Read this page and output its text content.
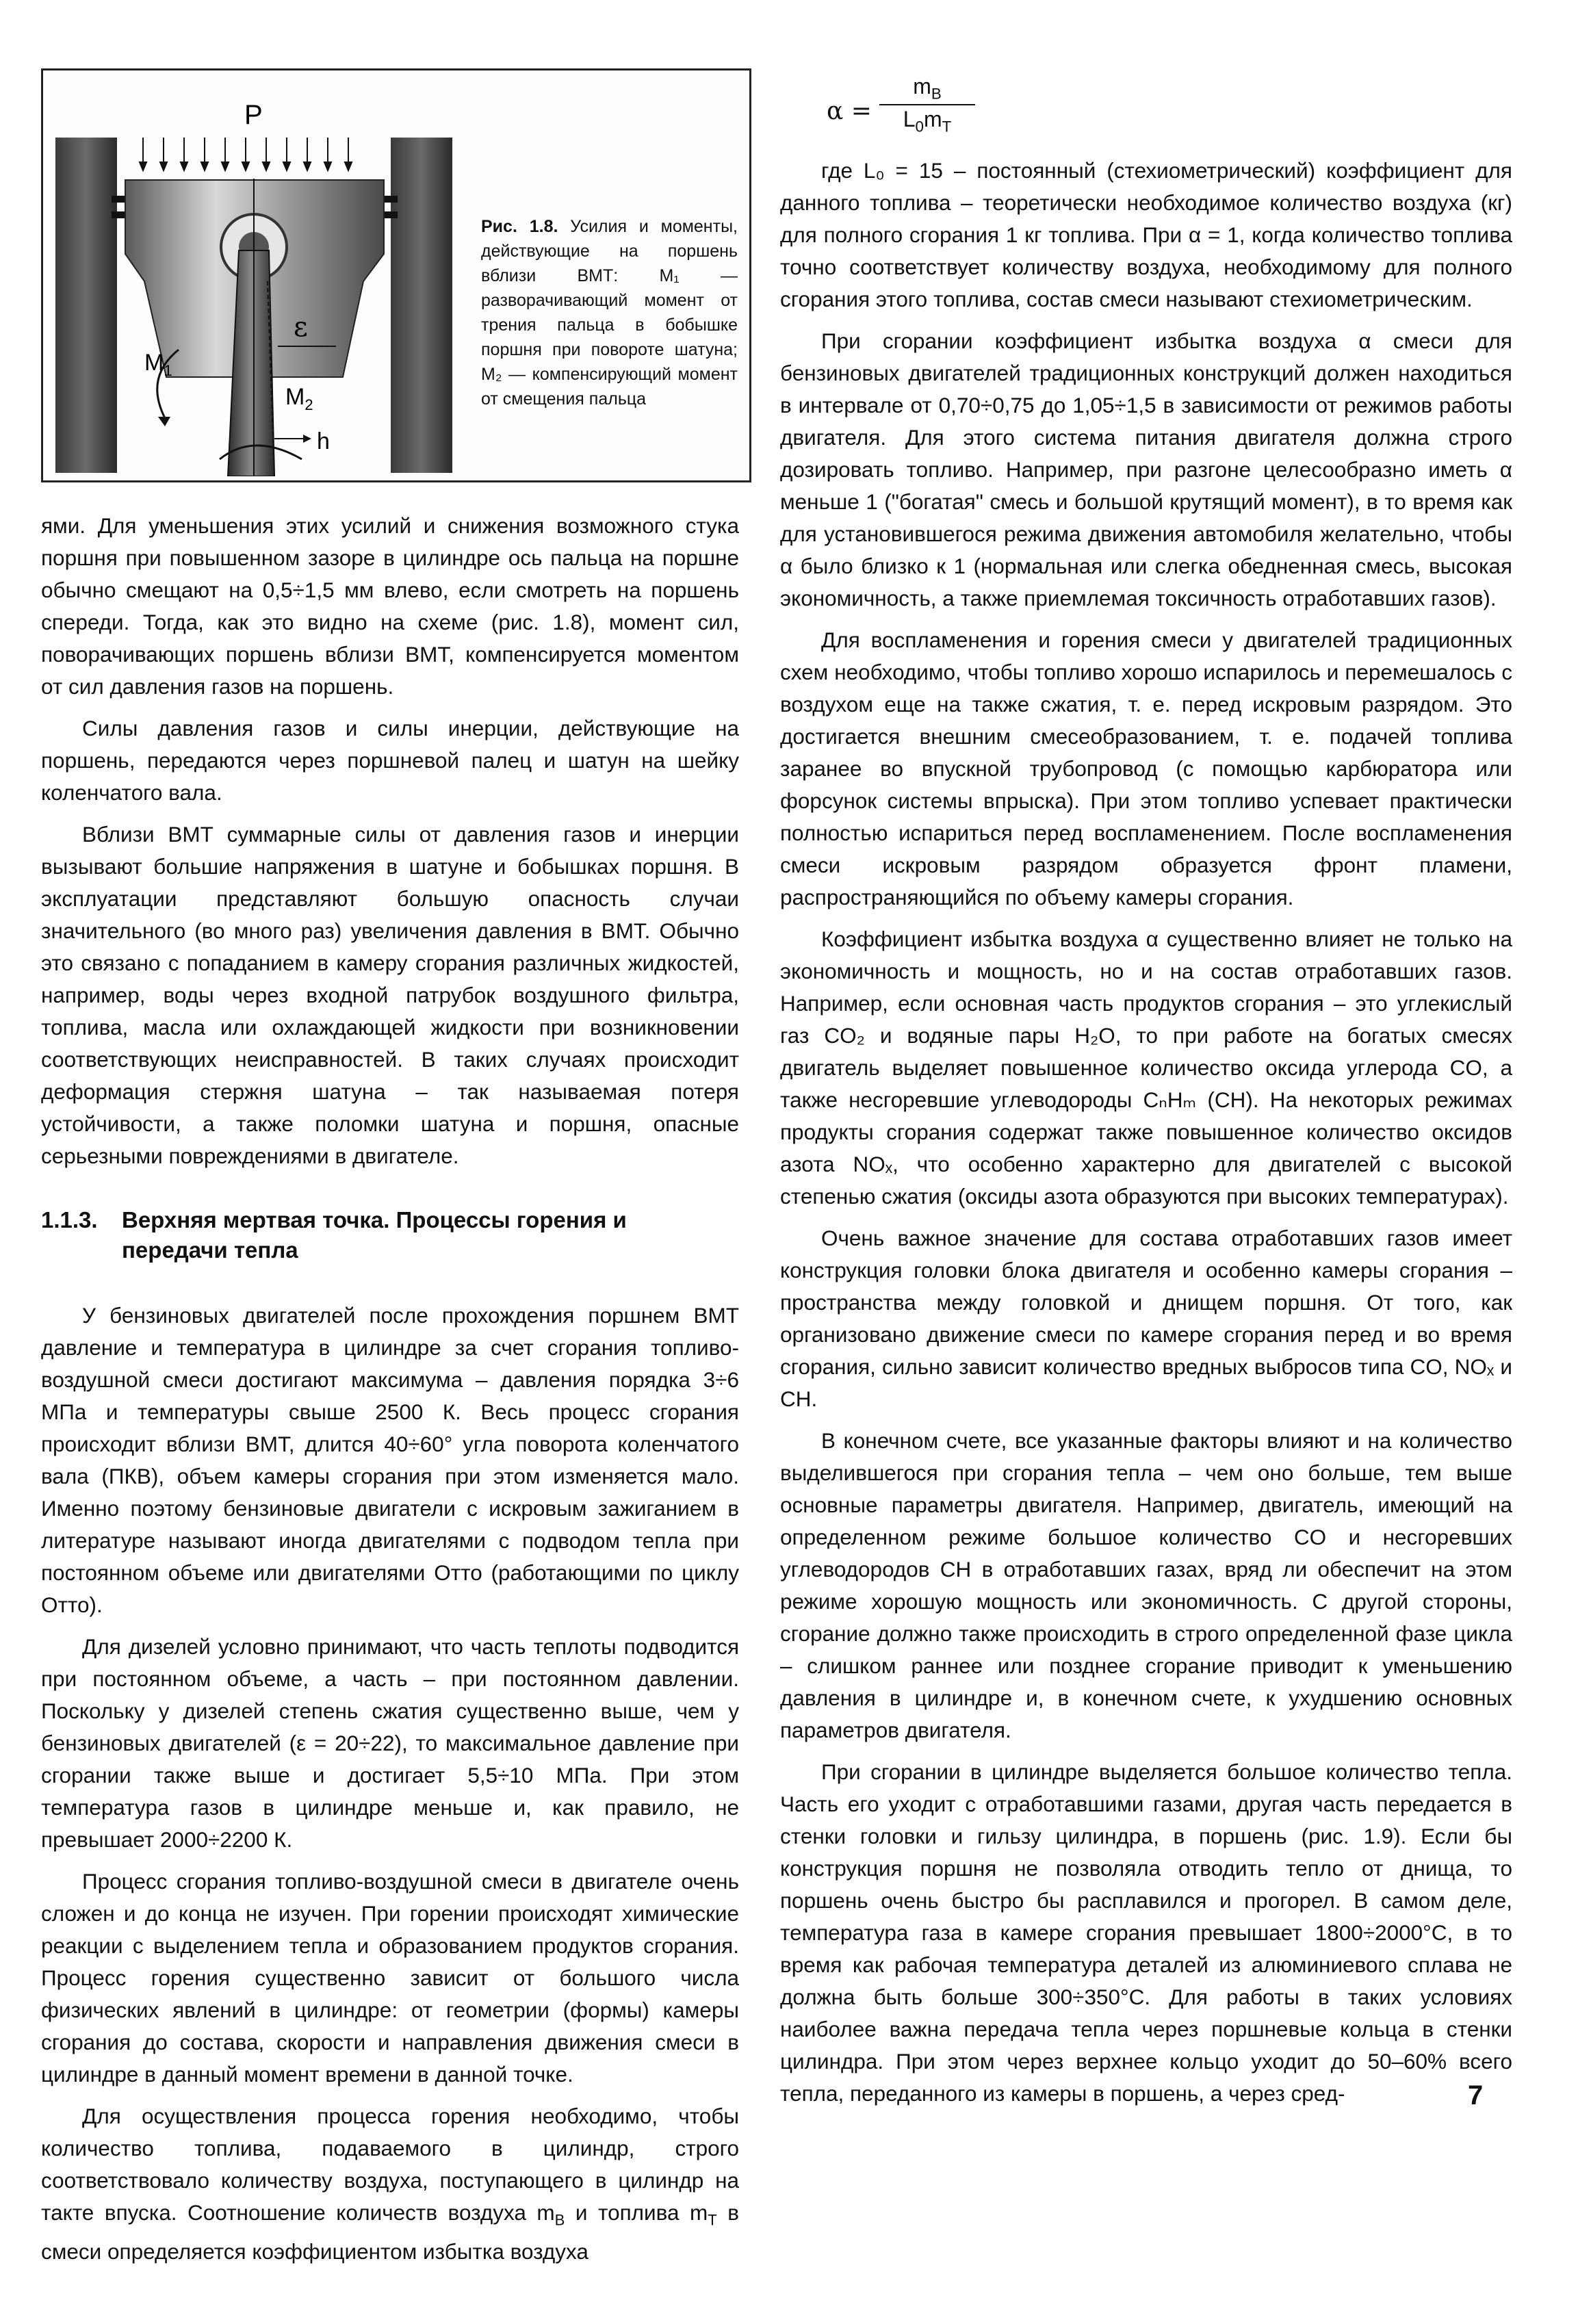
P
ε
$M_1$
$M_2$
h
Рис. 1.8. Усилия и моменты, действующие на поршень вблизи ВМТ: M₁ — разворачивающий момент от трения пальца в бобышке поршня при повороте шатуна; M₂ — компенсирующий момент от смещения пальца

ями. Для уменьшения этих усилий и снижения возможного стука поршня при повышенном зазоре в цилиндре ось пальца на поршне обычно смещают на 0,5÷1,5 мм влево, если смотреть на поршень спереди. Тогда, как это видно на схеме (рис. 1.8), момент сил, поворачивающих поршень вблизи ВМТ, компенсируется моментом от сил давления газов на поршень.

Силы давления газов и силы инерции, действующие на поршень, передаются через поршневой палец и шатун на шейку коленчатого вала.

Вблизи ВМТ суммарные силы от давления газов и инерции вызывают большие напряжения в шатуне и бобышках поршня. В эксплуатации представляют большую опасность случаи значительного (во много раз) увеличения давления в ВМТ. Обычно это связано с попаданием в камеру сгорания различных жидкостей, например, воды через входной патрубок воздушного фильтра, топлива, масла или охлаждающей жидкости при возникновении соответствующих неисправностей. В таких случаях происходит деформация стержня шатуна – так называемая потеря устойчивости, а также поломки шатуна и поршня, опасные серьезными повреждениями в двигателе.

1.1.3. Верхняя мертвая точка. Процессы горения и
передачи тепла

У бензиновых двигателей после прохождения поршнем ВМТ давление и температура в цилиндре за счет сгорания топливо-воздушной смеси достигают максимума – давления порядка 3÷6 МПа и температуры свыше 2500 К. Весь процесс сгорания происходит вблизи ВМТ, длится 40÷60° угла поворота коленчатого вала (ПКВ), объем камеры сгорания при этом изменяется мало. Именно поэтому бензиновые двигатели с искровым зажиганием в литературе называют иногда двигателями с подводом тепла при постоянном объеме или двигателями Отто (работающими по циклу Отто).

Для дизелей условно принимают, что часть теплоты подводится при постоянном объеме, а часть – при постоянном давлении. Поскольку у дизелей степень сжатия существенно выше, чем у бензиновых двигателей (ε = 20÷22), то максимальное давление при сгорании также выше и достигает 5,5÷10 МПа. При этом температура газов в цилиндре меньше и, как правило, не превышает 2000÷2200 К.

Процесс сгорания топливо-воздушной смеси в двигателе очень сложен и до конца не изучен. При горении происходят химические реакции с выделением тепла и образованием продуктов сгорания. Процесс горения существенно зависит от большого числа физических явлений в цилиндре: от геометрии (формы) камеры сгорания до состава, скорости и направления движения смеси в цилиндре в данный момент времени в данной точке.

Для осуществления процесса горения необходимо, чтобы количество топлива, подаваемого в цилиндр, строго соответствовало количеству воздуха, поступающего в цилиндр на такте впуска. Соотношение количеств воздуха $m_В$ и топлива $m_Т$ в смеси определяется коэффициентом избытка воздуха

α =
$m_В$
$L_0m_Т$

где L₀ = 15 – постоянный (стехиометрический) коэффициент для данного топлива – теоретически необходимое количество воздуха (кг) для полного сгорания 1 кг топлива. При α = 1, когда количество топлива точно соответствует количеству воздуха, необходимому для полного сгорания этого топлива, состав смеси называют стехиометрическим.

При сгорании коэффициент избытка воздуха α смеси для бензиновых двигателей традиционных конструкций должен находиться в интервале от 0,70÷0,75 до 1,05÷1,5 в зависимости от режимов работы двигателя. Для этого система питания двигателя должна строго дозировать топливо. Например, при разгоне целесообразно иметь α меньше 1 ("богатая" смесь и большой крутящий момент), в то время как для установившегося режима движения автомобиля желательно, чтобы α было близко к 1 (нормальная или слегка обедненная смесь, высокая экономичность, а также приемлемая токсичность отработавших газов).

Для воспламенения и горения смеси у двигателей традиционных схем необходимо, чтобы топливо хорошо испарилось и перемешалось с воздухом еще на также сжатия, т. е. перед искровым разрядом. Это достигается внешним смесеобразованием, т. е. подачей топлива заранее во впускной трубопровод (с помощью карбюратора или форсунок системы впрыска). При этом топливо успевает практически полностью испариться перед воспламенением. После воспламенения смеси искровым разрядом образуется фронт пламени, распространяющийся по объему камеры сгорания.

Коэффициент избытка воздуха α существенно влияет не только на экономичность и мощность, но и на состав отработавших газов. Например, если основная часть продуктов сгорания – это углекислый газ CO₂ и водяные пары H₂O, то при работе на богатых смесях двигатель выделяет повышенное количество оксида углерода CO, а также несгоревшие углеводороды CₙHₘ (CH). На некоторых режимах продукты сгорания содержат также повышенное количество оксидов азота NOₓ, что особенно характерно для двигателей с высокой степенью сжатия (оксиды азота образуются при высоких температурах).

Очень важное значение для состава отработавших газов имеет конструкция головки блока двигателя и особенно камеры сгорания – пространства между головкой и днищем поршня. От того, как организовано движение смеси по камере сгорания перед и во время сгорания, сильно зависит количество вредных выбросов типа CO, NOₓ и CH.

В конечном счете, все указанные факторы влияют и на количество выделившегося при сгорания тепла – чем оно больше, тем выше основные параметры двигателя. Например, двигатель, имеющий на определенном режиме большое количество CO и несгоревших углеводородов CH в отработавших газах, вряд ли обеспечит на этом режиме хорошую мощность или экономичность. С другой стороны, сгорание должно также происходить в строго определенной фазе цикла – слишком раннее или позднее сгорание приводит к уменьшению давления в цилиндре и, в конечном счете, к ухудшению основных параметров двигателя.

При сгорании в цилиндре выделяется большое количество тепла. Часть его уходит с отработавшими газами, другая часть передается в стенки головки и гильзу цилиндра, в поршень (рис. 1.9). Если бы конструкция поршня не позволяла отводить тепло от днища, то поршень очень быстро бы расплавился и прогорел. В самом деле, температура газа в камере сгорания превышает 1800÷2000°С, в то время как рабочая температура деталей из алюминиевого сплава не должна быть больше 300÷350°С. Для работы в таких условиях наиболее важна передача тепла через поршневые кольца в стенки цилиндра. При этом через верхнее кольцо уходит до 50–60% всего тепла, переданного из камеры в поршень, а через сред-	7
